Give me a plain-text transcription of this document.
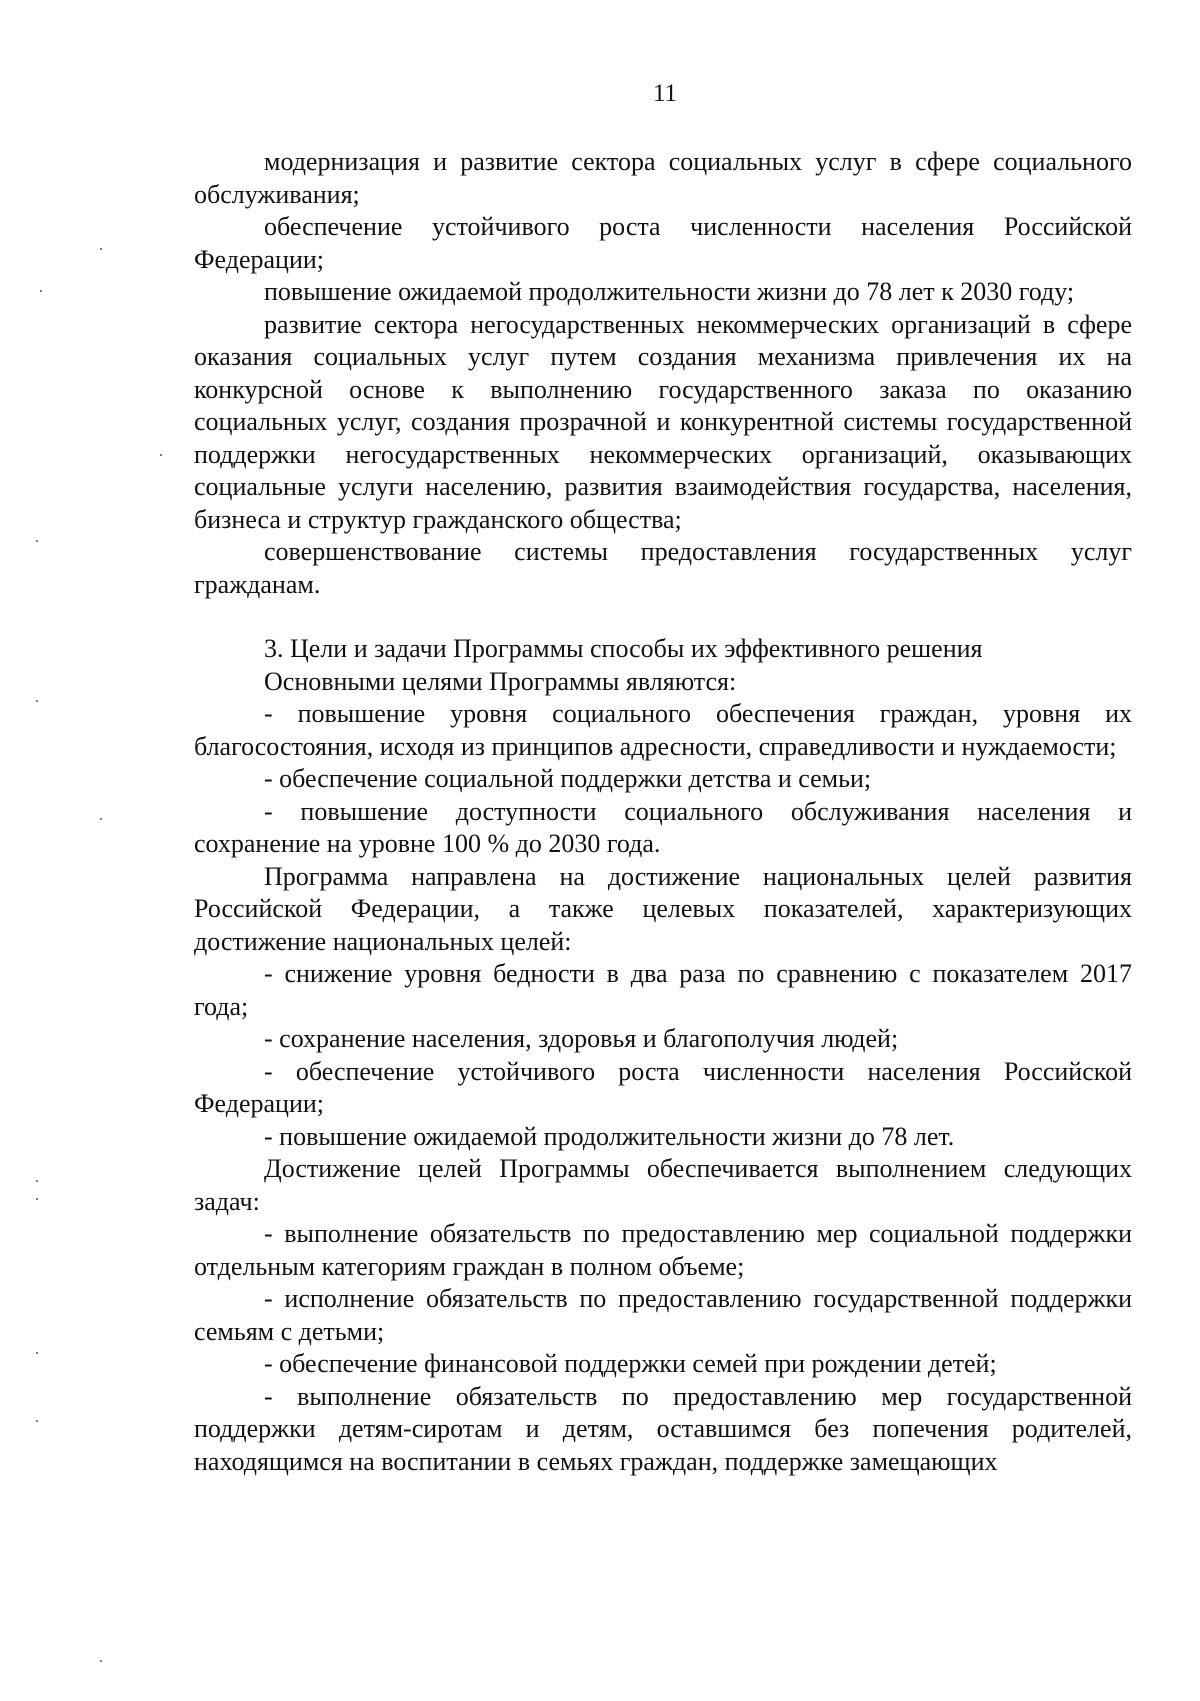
11

модернизация и развитие сектора социальных услуг в сфере социального обслуживания;

обеспечение устойчивого роста численности населения Российской Федерации;

повышение ожидаемой продолжительности жизни до 78 лет к 2030 году;

развитие сектора негосударственных некоммерческих организаций в сфере оказания социальных услуг путем создания механизма привлечения их на конкурсной основе к выполнению государственного заказа по оказанию социальных услуг, создания прозрачной и конкурентной системы государственной поддержки негосударственных некоммерческих организаций, оказывающих социальные услуги населению, развития взаимодействия государства, населения, бизнеса и структур гражданского общества;

совершенствование системы предоставления государственных услуг гражданам.

3. Цели и задачи Программы способы их эффективного решения

Основными целями Программы являются:

- повышение уровня социального обеспечения граждан, уровня их благосостояния, исходя из принципов адресности, справедливости и нуждаемости;

- обеспечение социальной поддержки детства и семьи;

- повышение доступности социального обслуживания населения и сохранение на уровне 100 % до 2030 года.

Программа направлена на достижение национальных целей развития Российской Федерации, а также целевых показателей, характеризующих достижение национальных целей:

- снижение уровня бедности в два раза по сравнению с показателем 2017 года;

- сохранение населения, здоровья и благополучия людей;

- обеспечение устойчивого роста численности населения Российской Федерации;

- повышение ожидаемой продолжительности жизни до 78 лет.

Достижение целей Программы обеспечивается выполнением следующих задач:

- выполнение обязательств по предоставлению мер социальной поддержки отдельным категориям граждан в полном объеме;

- исполнение обязательств по предоставлению государственной поддержки семьям с детьми;

- обеспечение финансовой поддержки семей при рождении детей;

- выполнение обязательств по предоставлению мер государственной поддержки детям-сиротам и детям, оставшимся без попечения родителей, находящимся на воспитании в семьях граждан, поддержке замещающих
